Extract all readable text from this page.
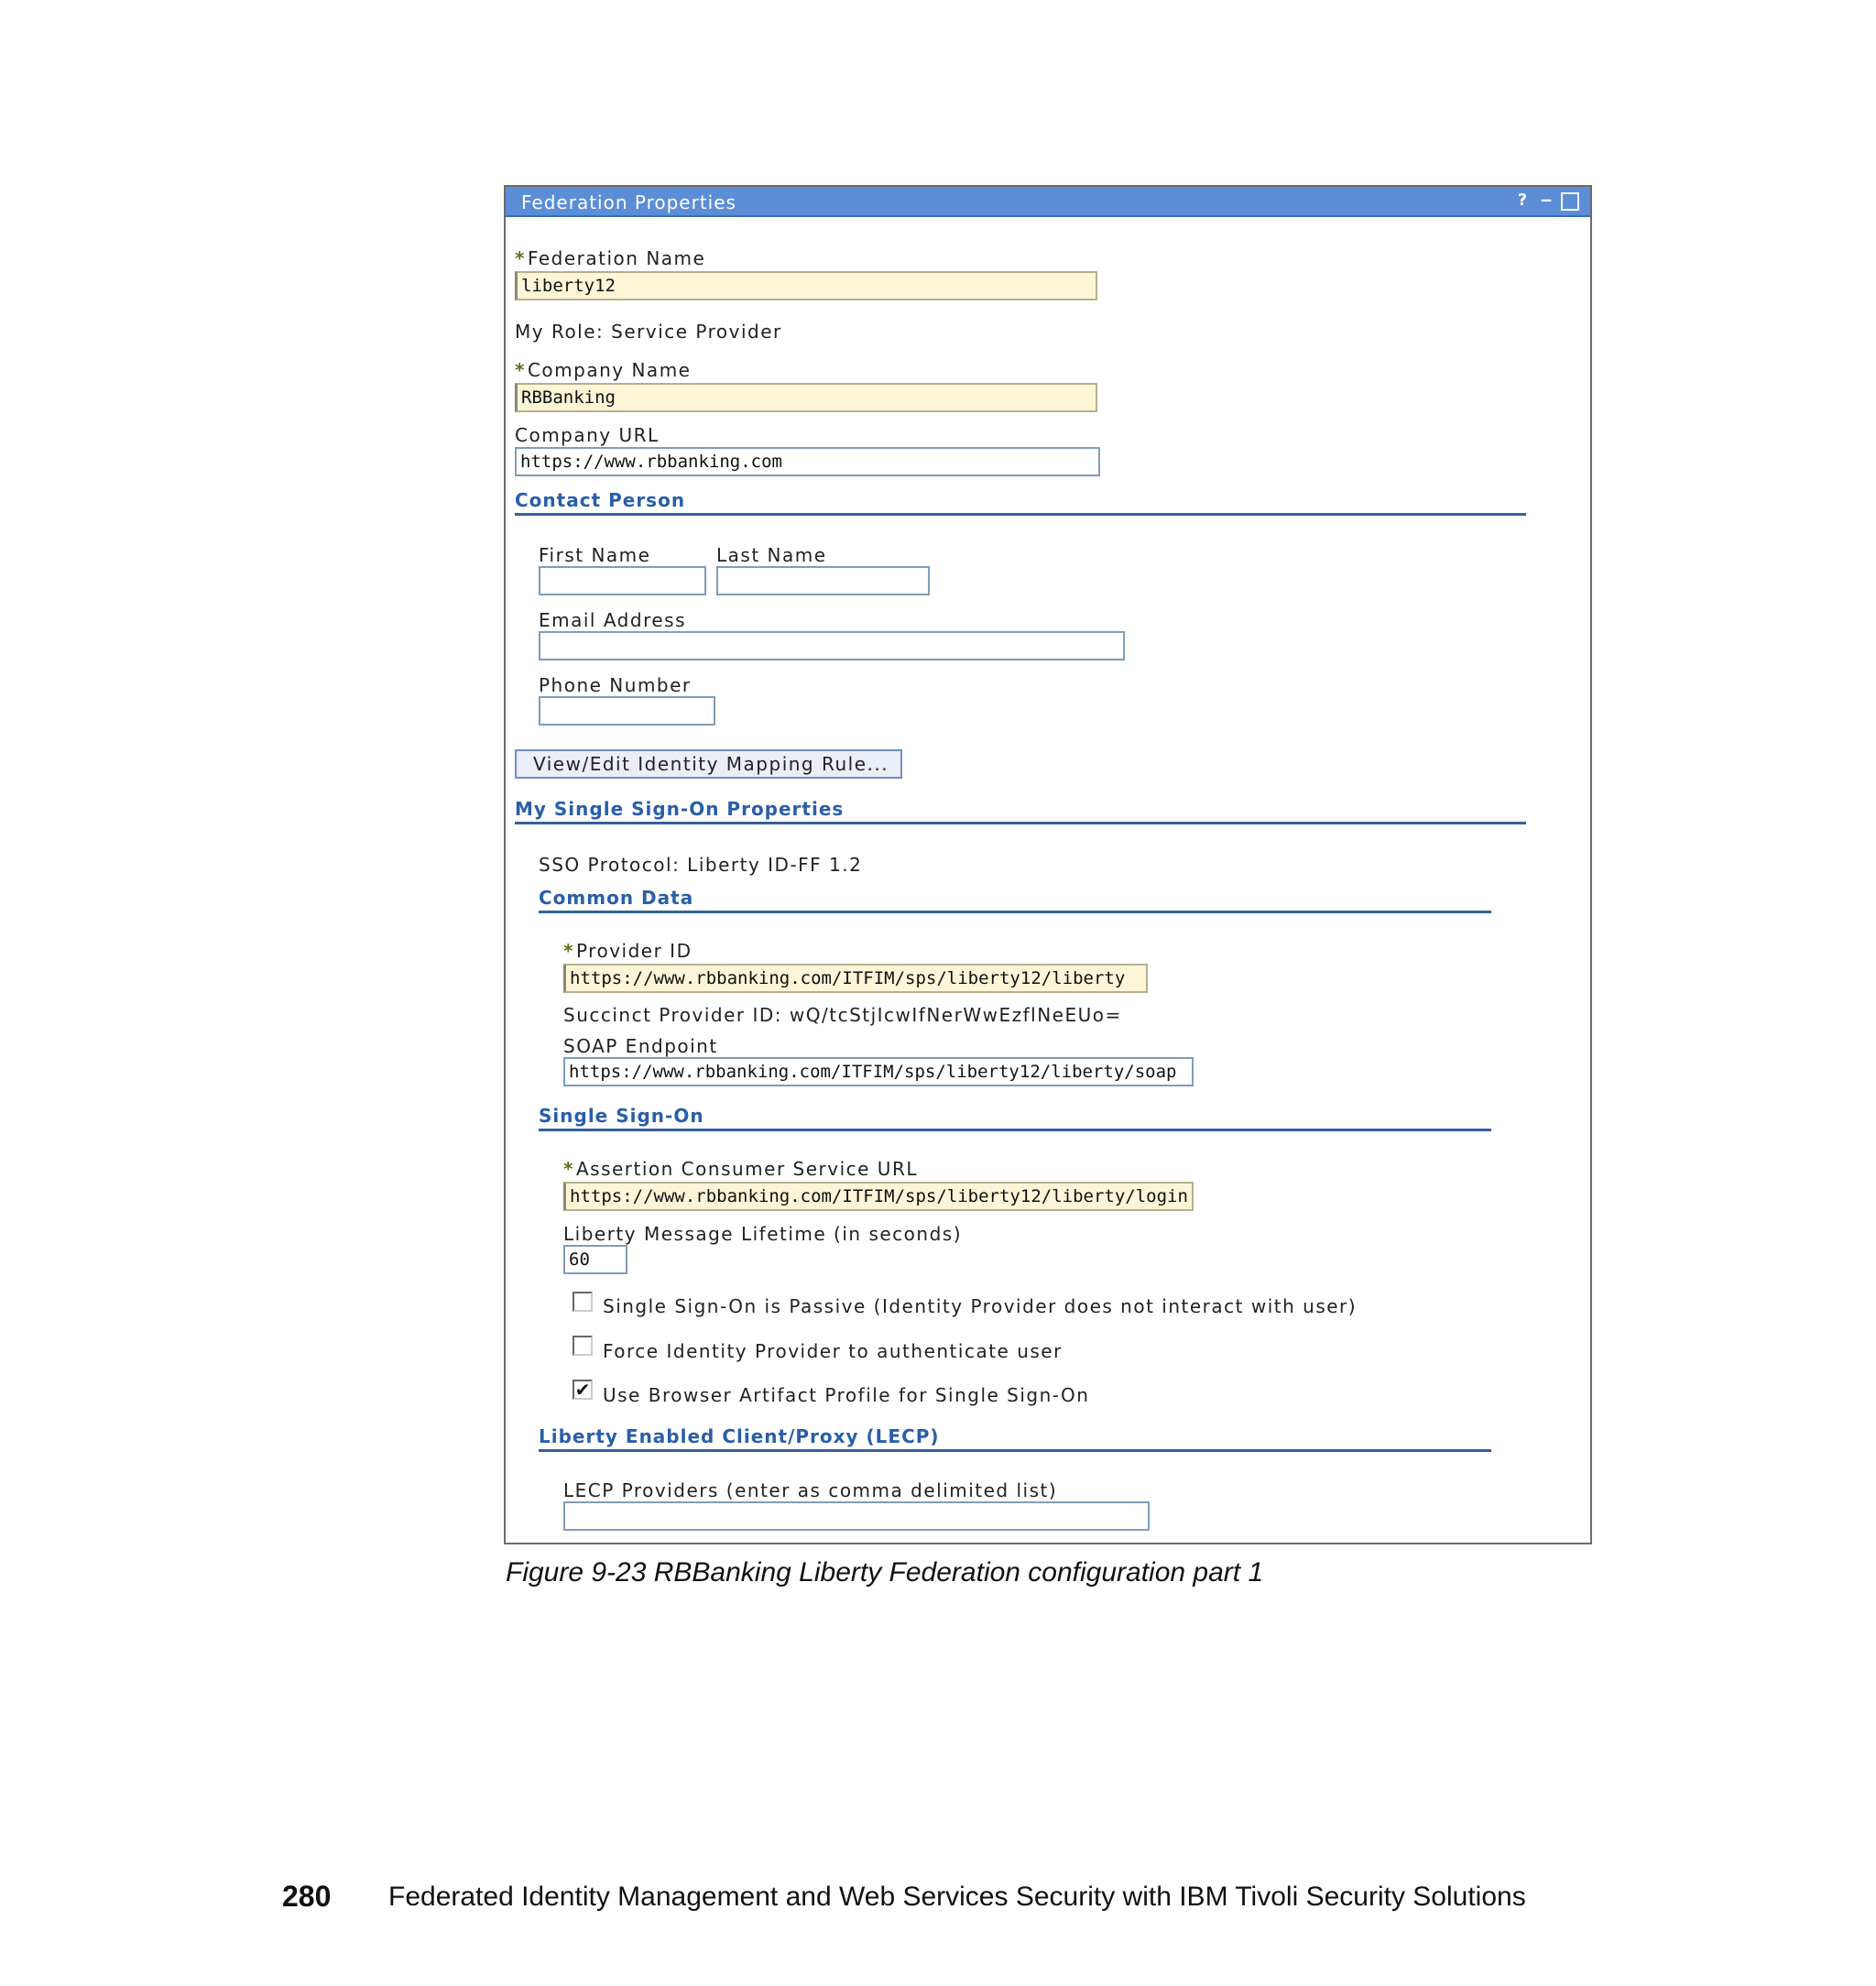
Federation Properties	? ‒
* Federation Name
liberty12
My Role: Service Provider
* Company Name
RBBanking
Company URL
https://www.rbbanking.com
Contact Person
First Name	Last Name
Email Address
Phone Number
View/Edit Identity Mapping Rule...
My Single Sign-On Properties
SSO Protocol: Liberty ID-FF 1.2
Common Data
* Provider ID
https://www.rbbanking.com/ITFIM/sps/liberty12/liberty
Succinct Provider ID: wQ/tcStjIcwIfNerWwEzflNeEUo=
SOAP Endpoint
https://www.rbbanking.com/ITFIM/sps/liberty12/liberty/soap
Single Sign-On
* Assertion Consumer Service URL
https://www.rbbanking.com/ITFIM/sps/liberty12/liberty/login
Liberty Message Lifetime (in seconds)
60
Single Sign-On is Passive (Identity Provider does not interact with user)
Force Identity Provider to authenticate user
✔ Use Browser Artifact Profile for Single Sign-On
Liberty Enabled Client/Proxy (LECP)
LECP Providers (enter as comma delimited list)
Figure 9-23 RBBanking Liberty Federation configuration part 1
280 Federated Identity Management and Web Services Security with IBM Tivoli Security Solutions
